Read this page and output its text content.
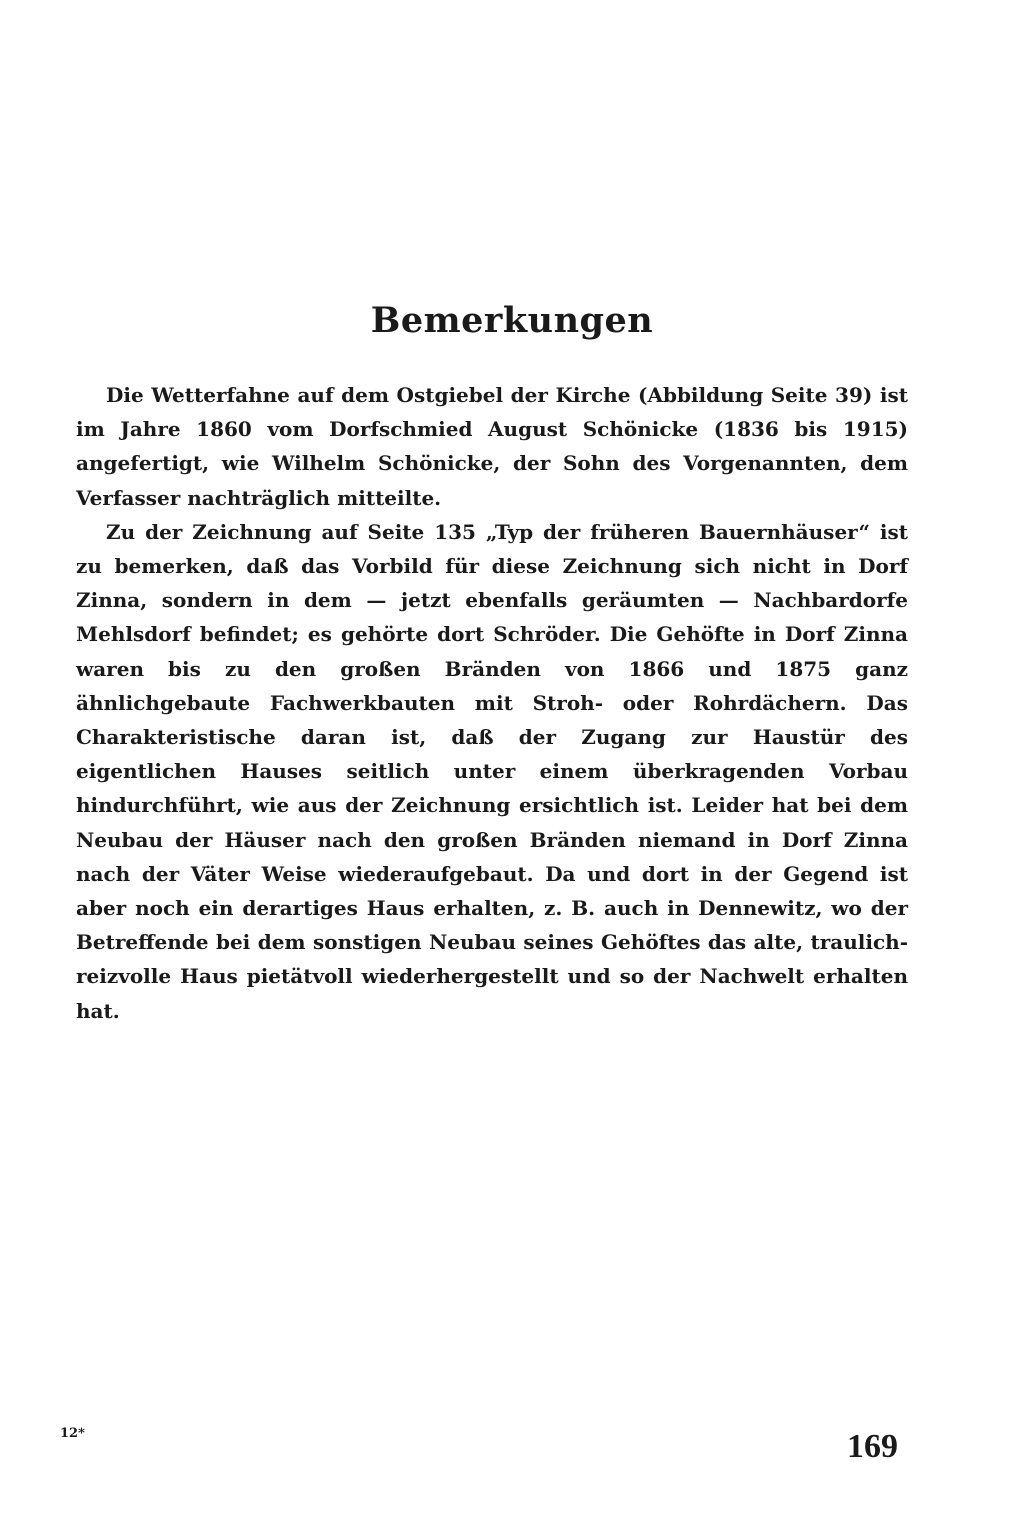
Bemerkungen

Die Wetterfahne auf dem Ostgiebel der Kirche (Abbildung Seite 39) ist im Jahre 1860 vom Dorfschmied August Schönicke (1836 bis 1915) angefertigt, wie Wilhelm Schönicke, der Sohn des Vorgenannten, dem Verfasser nachträglich mitteilte.

Zu der Zeichnung auf Seite 135 „Typ der früheren Bauernhäuser“ ist zu bemerken, daß das Vorbild für diese Zeichnung sich nicht in Dorf Zinna, sondern in dem — jetzt ebenfalls geräumten — Nachbardorfe Mehlsdorf befindet; es gehörte dort Schröder. Die Gehöfte in Dorf Zinna waren bis zu den großen Bränden von 1866 und 1875 ganz ähnlichgebaute Fachwerkbauten mit Stroh- oder Rohrdächern. Das Charakteristische daran ist, daß der Zugang zur Haustür des eigentlichen Hauses seitlich unter einem überkragenden Vorbau hindurchführt, wie aus der Zeichnung ersichtlich ist. Leider hat bei dem Neubau der Häuser nach den großen Bränden niemand in Dorf Zinna nach der Väter Weise wiederaufgebaut. Da und dort in der Gegend ist aber noch ein derartiges Haus erhalten, z. B. auch in Dennewitz, wo der Betreffende bei dem sonstigen Neubau seines Gehöftes das alte, traulich-reizvolle Haus pietätvoll wiederhergestellt und so der Nachwelt erhalten hat.

12*	169
